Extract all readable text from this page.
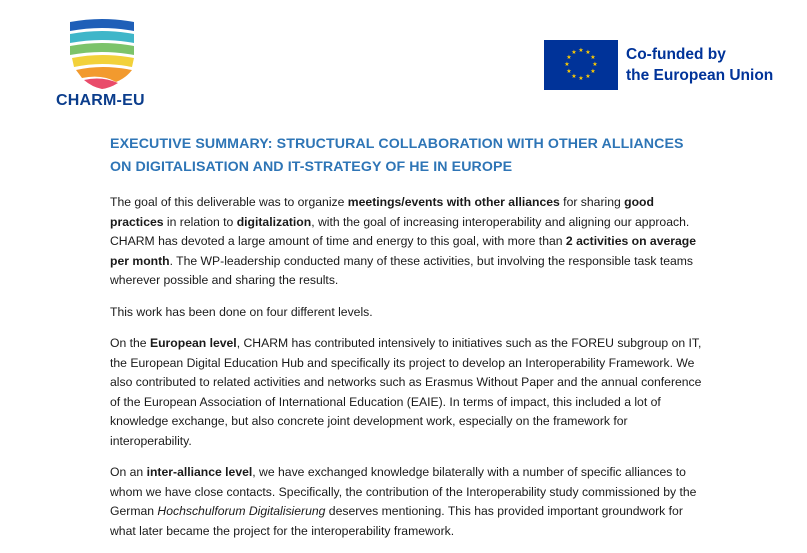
CHARM-EU
★ ★
★
★
★
★
★
★
★
★
★
★	Co-funded by
the European Union
EXECUTIVE SUMMARY: STRUCTURAL COLLABORATION WITH OTHER ALLIANCES
ON DIGITALISATION AND IT-STRATEGY OF HE IN EUROPE

The goal of this deliverable was to organize meetings/events with other alliances for sharing good practices in relation to digitalization, with the goal of increasing interoperability and aligning our approach. CHARM has devoted a large amount of time and energy to this goal, with more than 2 activities on average per month. The WP-leadership conducted many of these activities, but involving the responsible task teams wherever possible and sharing the results.

This work has been done on four different levels.

On the European level, CHARM has contributed intensively to initiatives such as the FOREU subgroup on IT, the European Digital Education Hub and specifically its project to develop an Interoperability Framework. We also contributed to related activities and networks such as Erasmus Without Paper and the annual conference of the European Association of International Education (EAIE). In terms of impact, this included a lot of knowledge exchange, but also concrete joint development work, especially on the framework for interoperability.

On an inter-alliance level, we have exchanged knowledge bilaterally with a number of specific alliances to whom we have close contacts. Specifically, the contribution of the Interoperability study commissioned by the German Hochschulforum Digitalisierung deserves mentioning. This has provided important groundwork for what later became the project for the interoperability framework.
